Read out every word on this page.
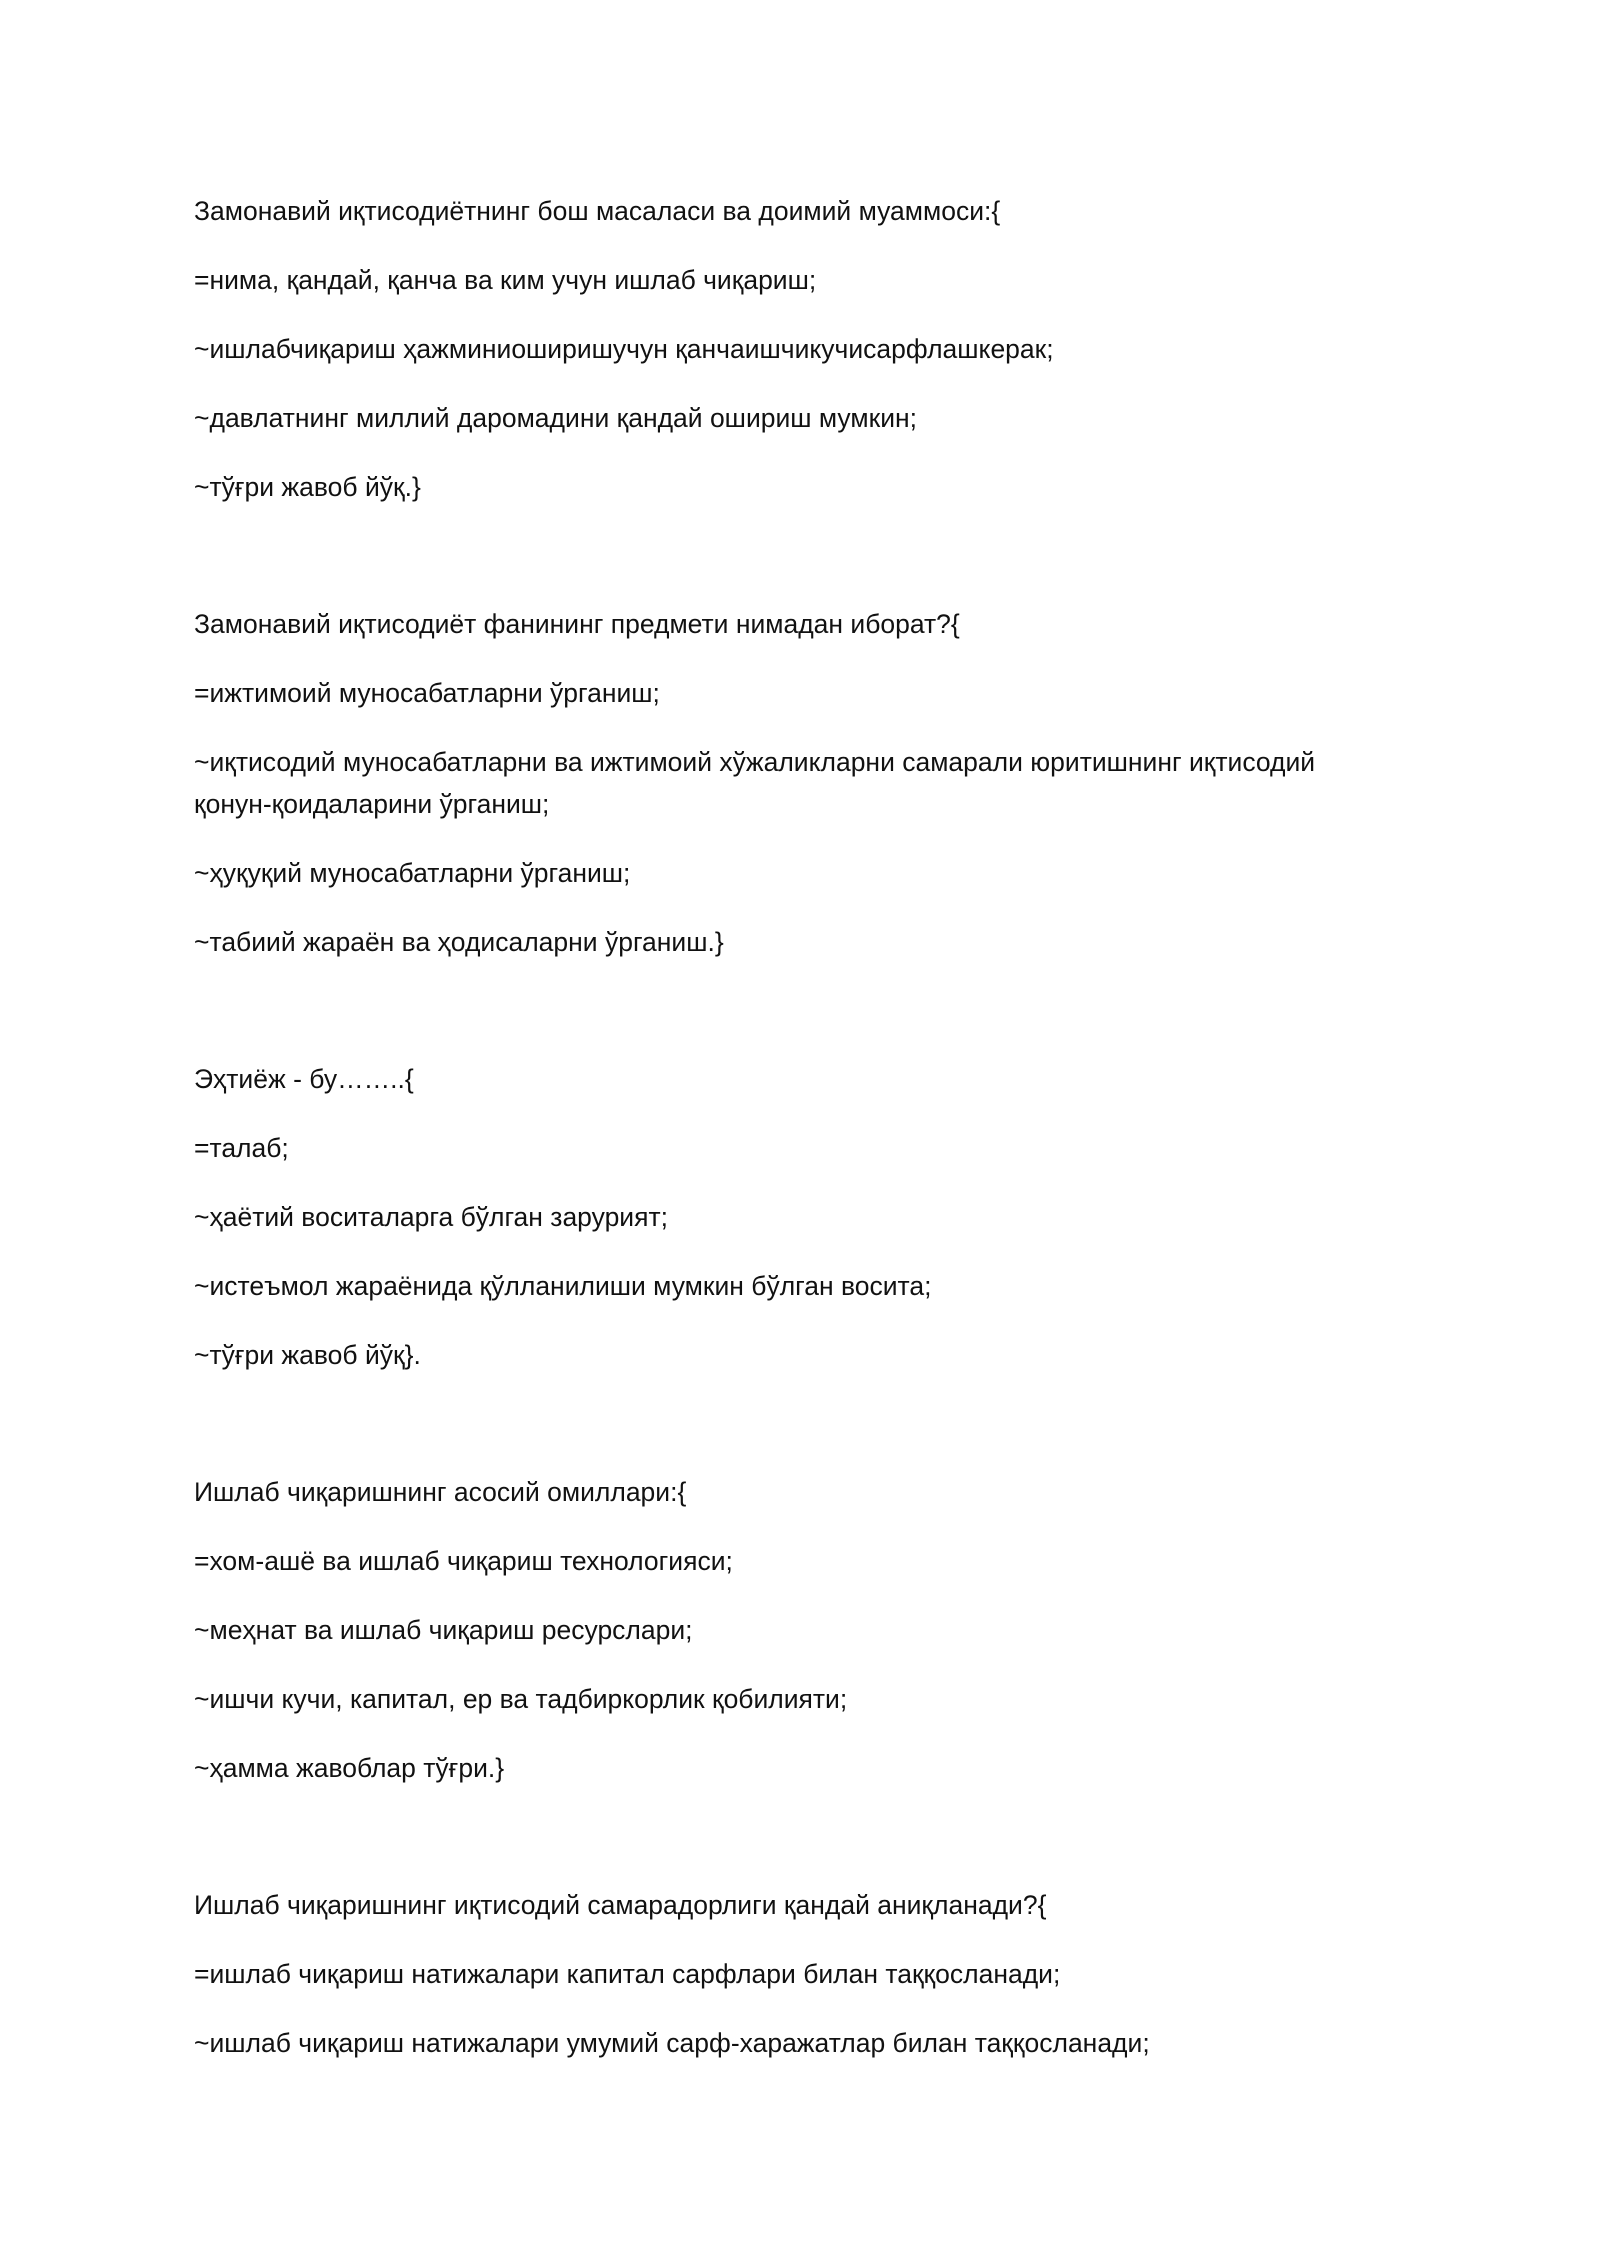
Замонавий иқтисодиётнинг бош масаласи ва доимий муаммоси:{

=нима, қандай, қанча ва ким учун ишлаб чиқариш;

~ишлабчиқариш ҳажминиоширишучун қанчаишчикучисарфлашкерак;

~давлатнинг миллий даромадини қандай ошириш мумкин;

~тўғри жавоб йўқ.}

Замонавий иқтисодиёт фанининг предмети нимадан иборат?{

=ижтимоий муносабатларни ўрганиш;

~иқтисодий муносабатларни ва ижтимоий хўжаликларни самарали юритишнинг иқтисодий қонун-қоидаларини ўрганиш;

~ҳуқуқий муносабатларни ўрганиш;

~табиий жараён ва ҳодисаларни ўрганиш.}

Эҳтиёж - бу……..{

=талаб;

~ҳаётий воситаларга бўлган зарурият;

~истеъмол жараёнида қўлланилиши мумкин бўлган восита;

~тўғри жавоб йўқ}.

Ишлаб чиқаришнинг асосий омиллари:{

=хом-ашё ва ишлаб чиқариш технологияси;

~меҳнат ва ишлаб чиқариш ресурслари;

~ишчи кучи, капитал, ер ва тадбиркорлик қобилияти;

~ҳамма жавоблар тўғри.}

Ишлаб чиқаришнинг иқтисодий самарадорлиги қандай аниқланади?{

=ишлаб чиқариш натижалари капитал сарфлари билан таққосланади;

~ишлаб чиқариш натижалари умумий сарф-харажатлар билан таққосланади;
